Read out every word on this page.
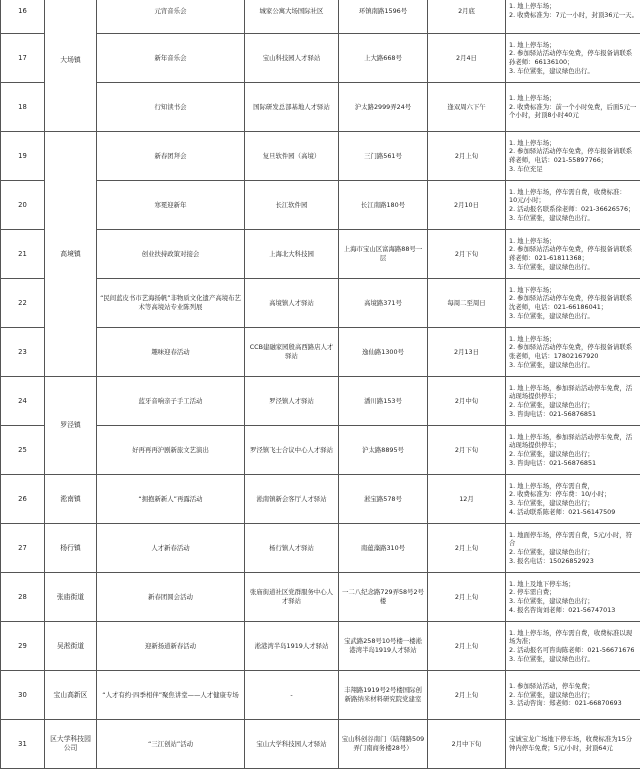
16	大场镇	元宵音乐会	城家公寓大场国际社区	环镇南路1596号	2月底	1. 地上停车场；
2. 收费标准为：7元一小时，封顶36元一天。

17		新年音乐会	宝山科技园人才驿站	上大路668号	2月4日	1. 地上停车场；
2. 参加驿站活动停车免费，停车报备请联系
孙老师：66136100；
3. 车位紧张，建议绿色出行。

18		行知读书会	国际研发总部基地人才驿站	沪太路2999弄24号	逢双周六下午	1. 地上停车场；
2. 收费标准为：前一个小时免费，后面5元一
个小时，封顶8小时40元

19	高境镇	新春团拜会	复旦软件园（高境）	三门路561号	2月上旬	1. 地上停车场；
2. 参加驿站活动停车免费，停车报备请联系
蒋老师，电话：021-55897766；
3. 车位充足

20		寒冕迎新年	长江软件园	长江南路180号	2月10日	1. 地上停车场，停车需自费，收费标准：
10元/小时；
2. 活动报名联系徐老师：021-36626576；
3. 车位紧张，建议绿色出行。

21		创业扶持政策对接会	上海北大科技园	上海市宝山区富海路88号一层	2月下旬	1. 地上停车场；
2. 参加驿站活动停车免费，停车报备请联系
蒋老师：021-61811368；
3. 车位紧张，建议绿色出行。

22		“民间蓝皮书市艺海扬帆”非物质文化遗产高境布艺术等高境站专业陈列展	高境镇人才驿站	高境路371号	每周二至周日	1. 地下停车场；
2. 参加驿站活动停车免费，停车报备请联系
沈老师，电话：021-66186041；
3. 车位紧张，建议绿色出行。

23		趣味迎春活动	CCB建融家园殷高西路店人才驿站	逸仙路1300号	2月13日	1. 地上停车场；
2. 参加驿站活动停车免费，停车报备请联系
张老师，电话：17802167920
3. 车位紧张，建议绿色出行。

24	罗泾镇	蓝牙音响亲子手工活动	罗泾镇人才驿站	潘川路153号	2月中旬	1. 地上停车场，参加驿站活动停车免费，活
动现场提供停车；
2. 车位紧张，建议绿色出行；
3. 咨询电话：021-56876851

25		好再再再沪剧新旅文艺演出	罗泾镇飞士合议中心人才驿站	沪太路8895号	2月下旬	1. 地上停车场，参加驿站活动停车免费，活
动现场提供停车；
2. 车位紧张，建议绿色出行；
3. 咨询电话：021-56876851

26	淞南镇	“拥抱新新人”再露活动	淞南镇新会客厅人才驿站	淞宝路578号	12月	1. 地上停车场，停车需自费，
2. 收费标准为：停车费：10/小时；
3. 车位紧张，建议绿色出行；
4. 活动联系陈老师：021-56147509

27	杨行镇	人才新春活动	杨行镇人才驿站	南蕴藻路310号	2月上旬	1. 地面停车场，停车需自费，5元/小时，符合
2. 车位紧张，建议绿色出行；
3. 报名电话：15026852923

28	张庙街道	新春团圆会活动	张庙街道社区党群服务中心人才驿站	一二八纪念路729弄58号2号楼	2月上旬	1. 地上及地下停车场；
2. 停车需自费；
3. 车位紧张，建议绿色出行；
4. 报名咨询刘老师：021-56747013

29	吴淞街道	迎新扬道新春活动	淞港湾半岛1919人才驿站	宝武路258号10号楼一楼淞港湾半岛1919人才驿站	2月上旬	1. 地上停车场，停车需自费，收费标准以现
场为准；
2. 活动报名可咨询陈老师：021-56671676
3. 车位紧张，建议绿色出行。

30	宝山高新区	“人才有约·四季相伴”聚焦讲堂——人才健康专场	-	丰翔路1919号2号楼国际创新路纳米材料研究院党建室	2月上旬	1. 参加驿站活动，停车免费；
2. 车位紧张，建议绿色出行；
3. 活动咨询：郑老师：021-66870693

31	区大学科技园公司	“三江创站”活动	宝山大学科技园人才驿站	宝山科创谷南门（陆翔路509弄门南商务楼28号）	2月中下旬	宝诚宝龙广场地下停车场，收费标准为15分
钟内停车免费；5元/小时，封顶64元
